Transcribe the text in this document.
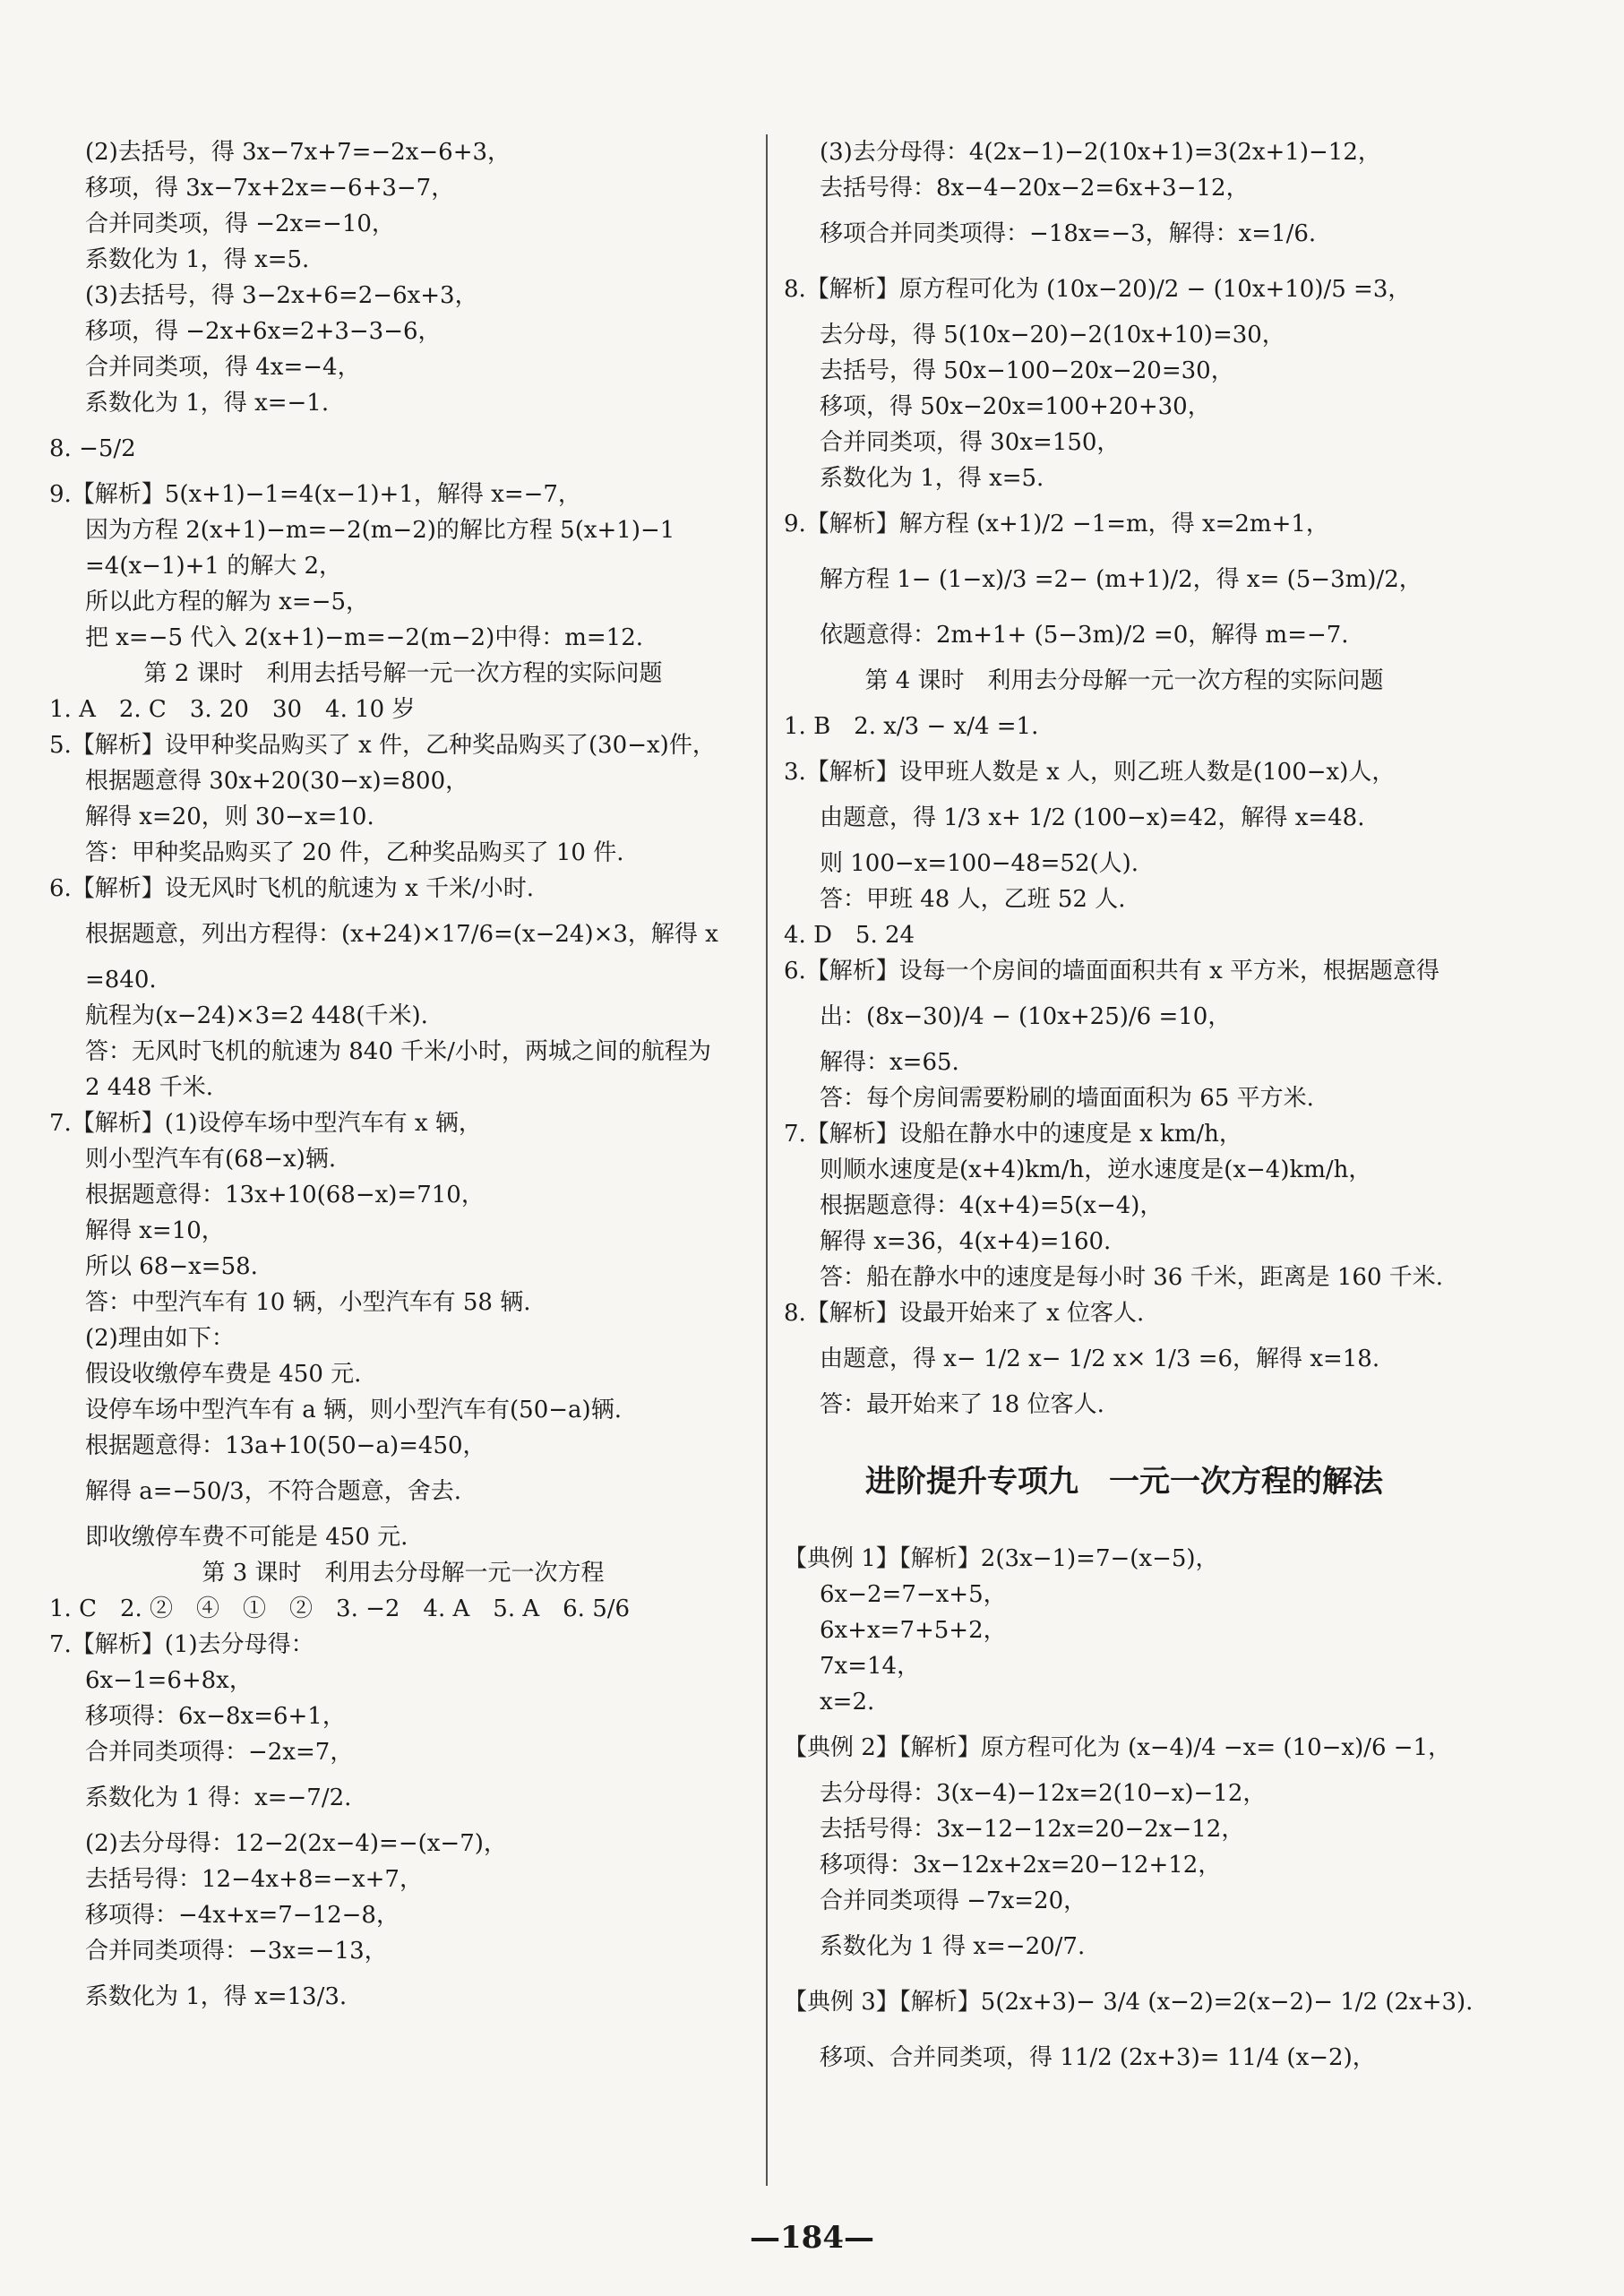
(2)去括号，得 3x−7x+7=−2x−6+3，

移项，得 3x−7x+2x=−6+3−7，

合并同类项，得 −2x=−10，

系数化为 1，得 x=5.

(3)去括号，得 3−2x+6=2−6x+3，

移项，得 −2x+6x=2+3−3−6，

合并同类项，得 4x=−4，

系数化为 1，得 x=−1.

8. −5/2

9.【解析】5(x+1)−1=4(x−1)+1，解得 x=−7，

因为方程 2(x+1)−m=−2(m−2)的解比方程 5(x+1)−1

=4(x−1)+1 的解大 2，

所以此方程的解为 x=−5，

把 x=−5 代入 2(x+1)−m=−2(m−2)中得：m=12.

第 2 课时　利用去括号解一元一次方程的实际问题

1. A　2. C　3. 20　30　4. 10 岁

5.【解析】设甲种奖品购买了 x 件，乙种奖品购买了(30−x)件，

根据题意得 30x+20(30−x)=800，

解得 x=20，则 30−x=10.

答：甲种奖品购买了 20 件，乙种奖品购买了 10 件.

6.【解析】设无风时飞机的航速为 x 千米/小时.

根据题意，列出方程得：(x+24)×17/6=(x−24)×3，解得 x

=840.

航程为(x−24)×3=2 448(千米).

答：无风时飞机的航速为 840 千米/小时，两城之间的航程为

2 448 千米.

7.【解析】(1)设停车场中型汽车有 x 辆，

则小型汽车有(68−x)辆.

根据题意得：13x+10(68−x)=710，

解得 x=10，

所以 68−x=58.

答：中型汽车有 10 辆，小型汽车有 58 辆.

(2)理由如下：

假设收缴停车费是 450 元.

设停车场中型汽车有 a 辆，则小型汽车有(50−a)辆.

根据题意得：13a+10(50−a)=450，

解得 a=−50/3，不符合题意，舍去.

即收缴停车费不可能是 450 元.

第 3 课时　利用去分母解一元一次方程

1. C　2. ②　④　①　②　3. −2　4. A　5. A　6. 5/6

7.【解析】(1)去分母得：

6x−1=6+8x，

移项得：6x−8x=6+1，

合并同类项得：−2x=7，

系数化为 1 得：x=−7/2.

(2)去分母得：12−2(2x−4)=−(x−7)，

去括号得：12−4x+8=−x+7，

移项得：−4x+x=7−12−8，

合并同类项得：−3x=−13，

系数化为 1，得 x=13/3.

(3)去分母得：4(2x−1)−2(10x+1)=3(2x+1)−12，

去括号得：8x−4−20x−2=6x+3−12，

移项合并同类项得：−18x=−3，解得：x=1/6.

8.【解析】原方程可化为 (10x−20)/2 − (10x+10)/5 =3，

去分母，得 5(10x−20)−2(10x+10)=30，

去括号，得 50x−100−20x−20=30，

移项，得 50x−20x=100+20+30，

合并同类项，得 30x=150，

系数化为 1，得 x=5.

9.【解析】解方程 (x+1)/2 −1=m，得 x=2m+1，

解方程 1− (1−x)/3 =2− (m+1)/2，得 x= (5−3m)/2，

依题意得：2m+1+ (5−3m)/2 =0，解得 m=−7.

第 4 课时　利用去分母解一元一次方程的实际问题

1. B　2. x/3 − x/4 =1.

3.【解析】设甲班人数是 x 人，则乙班人数是(100−x)人，

由题意，得 1/3 x+ 1/2 (100−x)=42，解得 x=48.

则 100−x=100−48=52(人).

答：甲班 48 人，乙班 52 人.

4. D　5. 24

6.【解析】设每一个房间的墙面面积共有 x 平方米，根据题意得

出：(8x−30)/4 − (10x+25)/6 =10，

解得：x=65.

答：每个房间需要粉刷的墙面面积为 65 平方米.

7.【解析】设船在静水中的速度是 x km/h，

则顺水速度是(x+4)km/h，逆水速度是(x−4)km/h，

根据题意得：4(x+4)=5(x−4)，

解得 x=36，4(x+4)=160.

答：船在静水中的速度是每小时 36 千米，距离是 160 千米.

8.【解析】设最开始来了 x 位客人.

由题意，得 x− 1/2 x− 1/2 x× 1/3 =6，解得 x=18.

答：最开始来了 18 位客人.

进阶提升专项九　一元一次方程的解法

【典例 1】【解析】2(3x−1)=7−(x−5)，

6x−2=7−x+5，

6x+x=7+5+2，

7x=14，

x=2.

【典例 2】【解析】原方程可化为 (x−4)/4 −x= (10−x)/6 −1，

去分母得：3(x−4)−12x=2(10−x)−12，

去括号得：3x−12−12x=20−2x−12，

移项得：3x−12x+2x=20−12+12，

合并同类项得 −7x=20，

系数化为 1 得 x=−20/7.

【典例 3】【解析】5(2x+3)− 3/4 (x−2)=2(x−2)− 1/2 (2x+3).

移项、合并同类项，得 11/2 (2x+3)= 11/4 (x−2)，

—184—
